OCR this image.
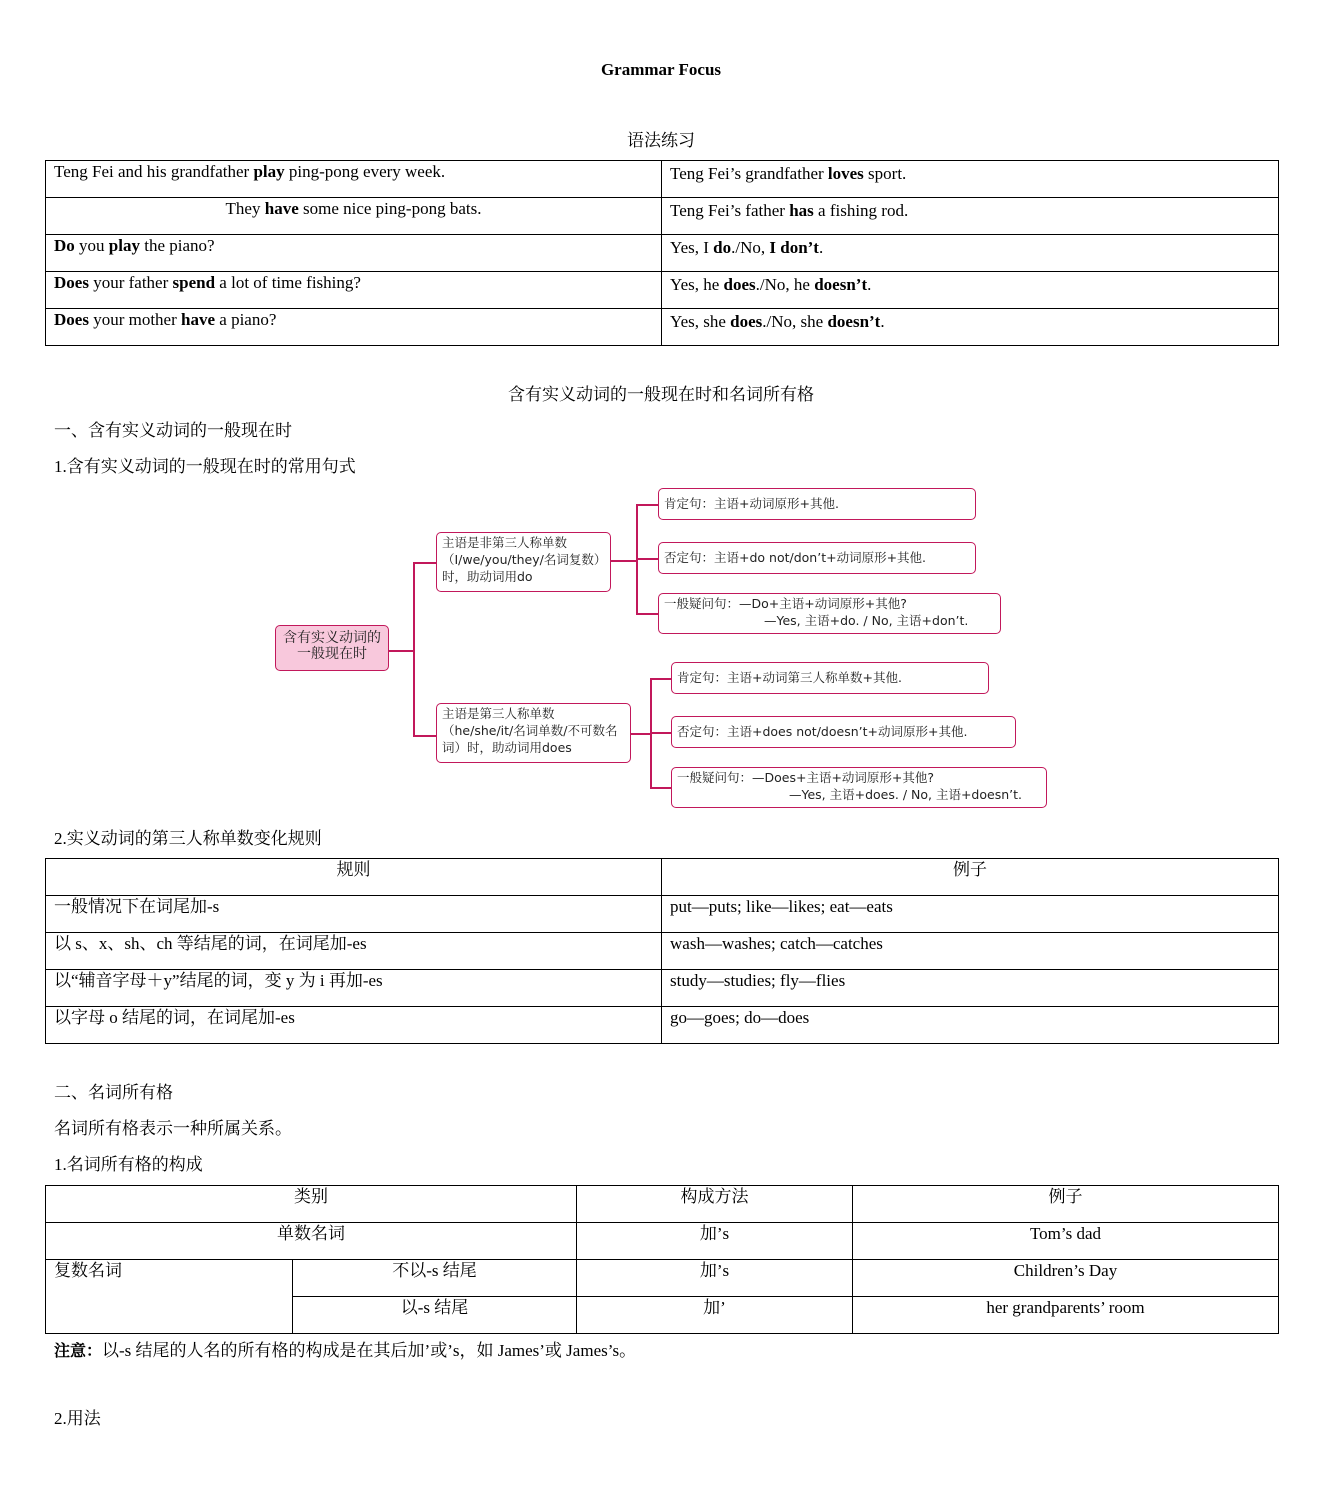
Grammar Focus
语法练习
Teng Fei and his grandfather play ping-pong every week.	Teng Fei’s grandfather loves sport.
They have some nice ping-pong bats.	Teng Fei’s father has a fishing rod.
Do you play the piano?	Yes, I do./No, I don’t.
Does your father spend a lot of time fishing?	Yes, he does./No, he doesn’t.
Does your mother have a piano?	Yes, she does./No, she doesn’t.
含有实义动词的一般现在时和名词所有格
一、含有实义动词的一般现在时
1.含有实义动词的一般现在时的常用句式
含有实义动词的一般现在时
主语是非第三人称单数（I/we/you/they/名词复数）时，助动词用do
肯定句：主语+动词原形+其他.
否定句：主语+do not/don’t+动词原形+其他.
一般疑问句：—Do+主语+动词原形+其他?
—Yes, 主语+do. / No, 主语+don’t.
主语是第三人称单数（he/she/it/名词单数/不可数名词）时，助动词用does
肯定句：主语+动词第三人称单数+其他.
否定句：主语+does not/doesn’t+动词原形+其他.
一般疑问句：—Does+主语+动词原形+其他?
—Yes, 主语+does. / No, 主语+doesn’t.
2.实义动词的第三人称单数变化规则
规则	例子
一般情况下在词尾加-s	put—puts; like—likes; eat—eats
以 s、x、sh、ch 等结尾的词，在词尾加-es	wash—washes; catch—catches
以“辅音字母＋y”结尾的词，变 y 为 i 再加-es	study—studies; fly—flies
以字母 o 结尾的词，在词尾加-es	go—goes; do—does
二、名词所有格
名词所有格表示一种所属关系。
1.名词所有格的构成
类别		构成方法	例子
单数名词		加’s	Tom’s dad
复数名词	不以-s 结尾	加’s	Children’s Day
	以-s 结尾	加’	her grandparents’ room
注意：以-s 结尾的人名的所有格的构成是在其后加’或’s，如 James’或 James’s。
2.用法
